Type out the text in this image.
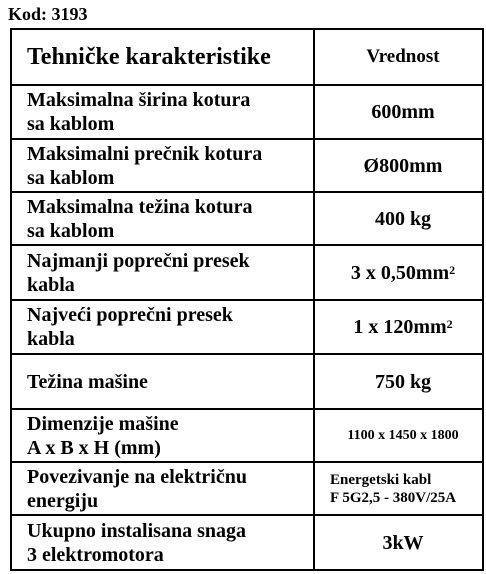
Kod: 3193
Tehničke karakteristike	Vrednost

Maksimalna širina kotura
sa kablom	600mm

Maksimalni prečnik kotura
sa kablom	Ø800mm

Maksimalna težina kotura
sa kablom	400 kg

Najmanji poprečni presek
kabla	3 x $0,50mm^2$

Najveći poprečni presek
kabla	1 x $120mm^2$

Težina mašine	750 kg

Dimenzije mašine
A x B x H (mm)	1100 x 1450 x 1800

Povezivanje na električnu
energiju	Energetski kabl
F 5G2,5 - 380V/25A

Ukupno instalisana snaga
3 elektromotora	3kW
